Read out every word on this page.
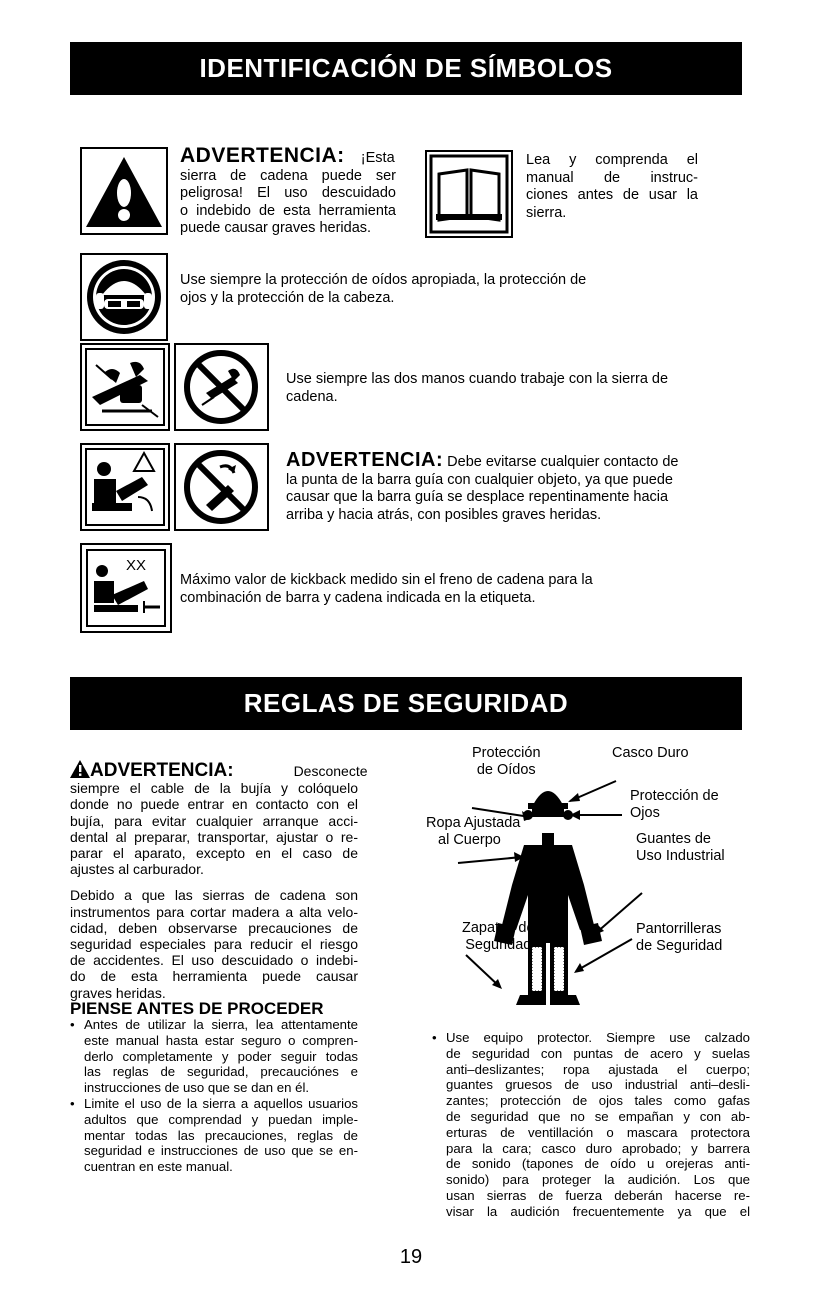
IDENTIFICACIÓN DE SÍMBOLOS
ADVERTENCIA: ¡Esta
sierra de cadena puede ser
peligrosa! El uso descuidado
o indebido de esta herramienta
puede causar graves heridas.
Lea y comprenda el
manual de instruc-
ciones antes de usar la
sierra.
Use siempre la protección de oídos apropiada, la protección de
ojos y la protección de la cabeza.
Use siempre las dos manos cuando trabaje con la sierra de
cadena.
ADVERTENCIA: Debe evitarse cualquier contacto de
la punta de la barra guía con cualquier objeto, ya que puede
causar que la barra guía se desplace repentinamente hacia
arriba y hacia atrás, con posibles graves heridas.
XX
Máximo valor de kickback medido sin el freno de cadena para la
combinación de barra y cadena indicada en la etiqueta.
REGLAS DE SEGURIDAD

ADVERTENCIA:	Desconecte

siempre el cable de la bujía y colóquelo
donde no puede entrar en contacto con el
bujía, para evitar cualquier arranque acci-
dental al preparar, transportar, ajustar o re-
parar el aparato, excepto en el caso de
ajustes al carburador.
Debido a que las sierras de cadena son
instrumentos para cortar madera a alta velo-
cidad, deben observarse precauciones de
seguridad especiales para reducir el riesgo
de accidentes. El uso descuidado o indebi-
do de esta herramienta puede causar
graves heridas.

PIENSE ANTES DE PROCEDER

• Antes de utilizar la sierra, lea attentamente
este manual hasta estar seguro o compren-
derlo completamente y poder seguir todas
las reglas de seguridad, precauciónes e
instrucciones de uso que se dan en él.
• Limite el uso de la sierra a aquellos usuarios
adultos que comprendad y puedan imple-
mentar todas las precauciones, reglas de
seguridad e instrucciones de uso que se en-
cuentran en este manual.
Protección
de Oídos
Casco Duro
Protección de
Ojos
Ropa Ajustada
al Cuerpo	Guantes de
Uso Industrial
Zapatos de
Seguridad
Pantorrilleras
de Seguridad
• Use equipo protector. Siempre use calzado
de seguridad con puntas de acero y suelas
anti–deslizantes; ropa ajustada el cuerpo;
guantes gruesos de uso industrial anti–desli-
zantes; protección de ojos tales como gafas
de seguridad que no se empañan y con ab-
erturas de ventillación o mascara protectora
para la cara; casco duro aprobado; y barrera
de sonido (tapones de oído u orejeras anti-
sonido) para proteger la audición. Los que
usan sierras de fuerza deberán hacerse re-
visar la audición frecuentemente ya que el
19
